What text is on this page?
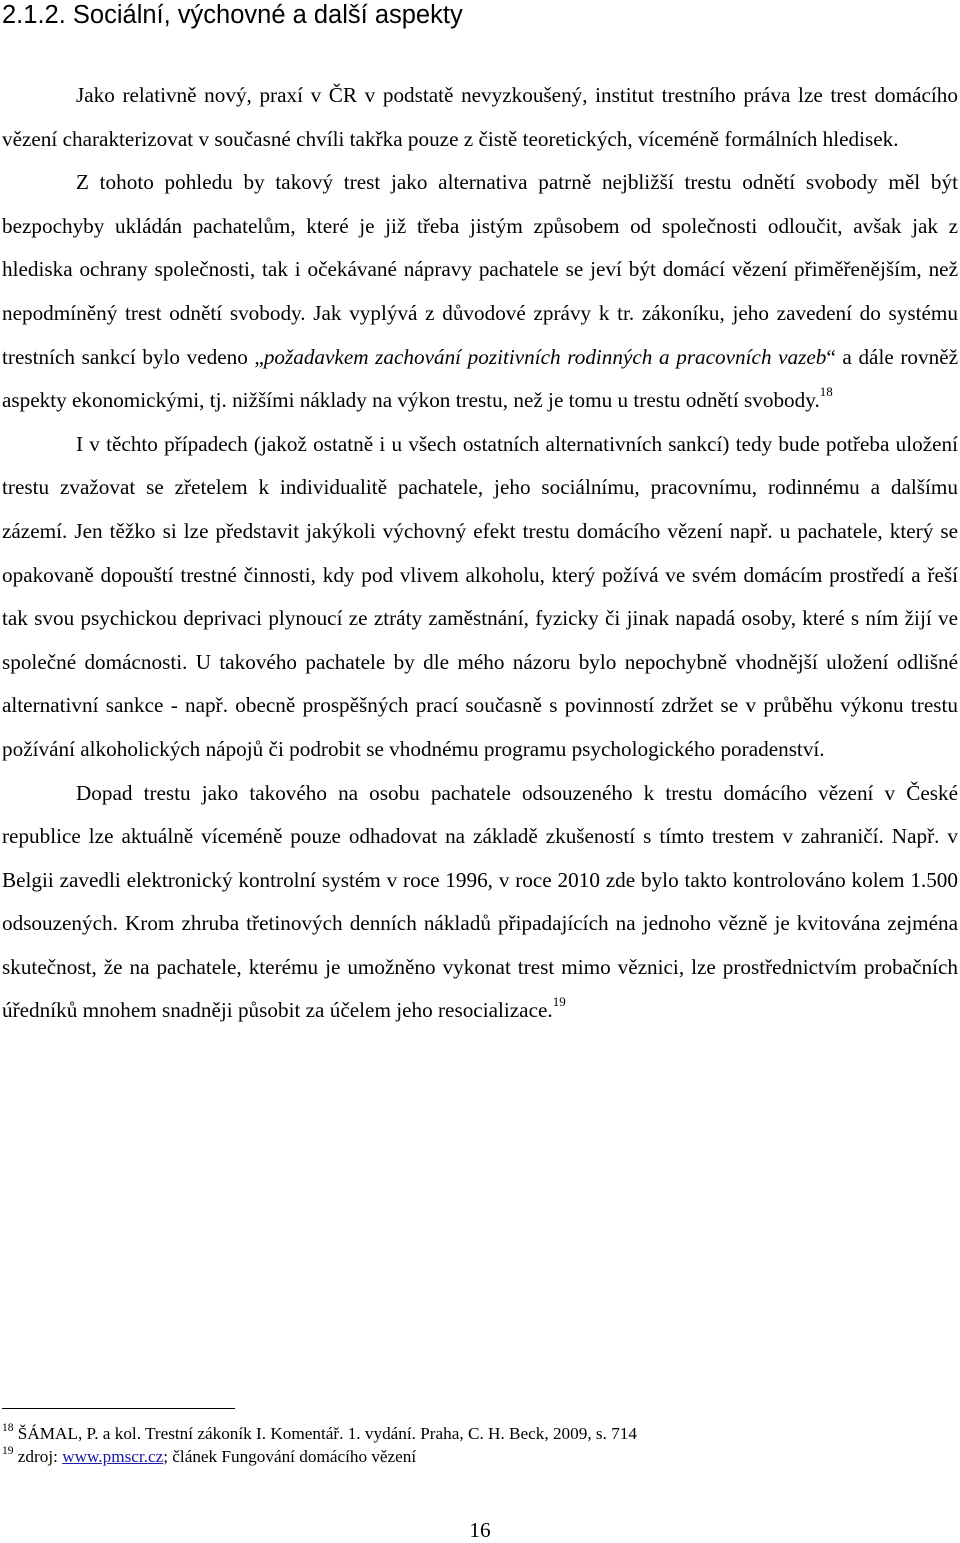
2.1.2. Sociální, výchovné a další aspekty

Jako relativně nový, praxí v ČR v podstatě nevyzkoušený, institut trestního práva lze trest domácího vězení charakterizovat v současné chvíli takřka pouze z čistě teoretických, víceméně formálních hledisek.

Z tohoto pohledu by takový trest jako alternativa patrně nejbližší trestu odnětí svobody měl být bezpochyby ukládán pachatelům, které je již třeba jistým způsobem od společnosti odloučit, avšak jak z hlediska ochrany společnosti, tak i očekávané nápravy pachatele se jeví být domácí vězení přiměřenějším, než nepodmíněný trest odnětí svobody. Jak vyplývá z důvodové zprávy k tr. zákoníku, jeho zavedení do systému trestních sankcí bylo vedeno „požadavkem zachování pozitivních rodinných a pracovních vazeb“ a dále rovněž aspekty ekonomickými, tj. nižšími náklady na výkon trestu, než je tomu u trestu odnětí svobody.$^{18}$

I v těchto případech (jakož ostatně i u všech ostatních alternativních sankcí) tedy bude potřeba uložení trestu zvažovat se zřetelem k individualitě pachatele, jeho sociálnímu, pracovnímu, rodinnému a dalšímu zázemí. Jen těžko si lze představit jakýkoli výchovný efekt trestu domácího vězení např. u pachatele, který se opakovaně dopouští trestné činnosti, kdy pod vlivem alkoholu, který požívá ve svém domácím prostředí a řeší tak svou psychickou deprivaci plynoucí ze ztráty zaměstnání, fyzicky či jinak napadá osoby, které s ním žijí ve společné domácnosti. U takového pachatele by dle mého názoru bylo nepochybně vhodnější uložení odlišné alternativní sankce - např. obecně prospěšných prací současně s povinností zdržet se v průběhu výkonu trestu požívání alkoholických nápojů či podrobit se vhodnému programu psychologického poradenství.

Dopad trestu jako takového na osobu pachatele odsouzeného k trestu domácího vězení v České republice lze aktuálně víceméně pouze odhadovat na základě zkušeností s tímto trestem v zahraničí. Např. v Belgii zavedli elektronický kontrolní systém v roce 1996, v roce 2010 zde bylo takto kontrolováno kolem 1.500 odsouzených. Krom zhruba třetinových denních nákladů připadajících na jednoho vězně je kvitována zejména skutečnost, že na pachatele, kterému je umožněno vykonat trest mimo věznici, lze prostřednictvím probačních úředníků mnohem snadněji působit za účelem jeho resocializace.$^{19}$

$^{18}$ ŠÁMAL, P. a kol. Trestní zákoník I. Komentář. 1. vydání. Praha, C. H. Beck, 2009, s. 714
$^{19}$ zdroj: www.pmscr.cz; článek Fungování domácího vězení
16
